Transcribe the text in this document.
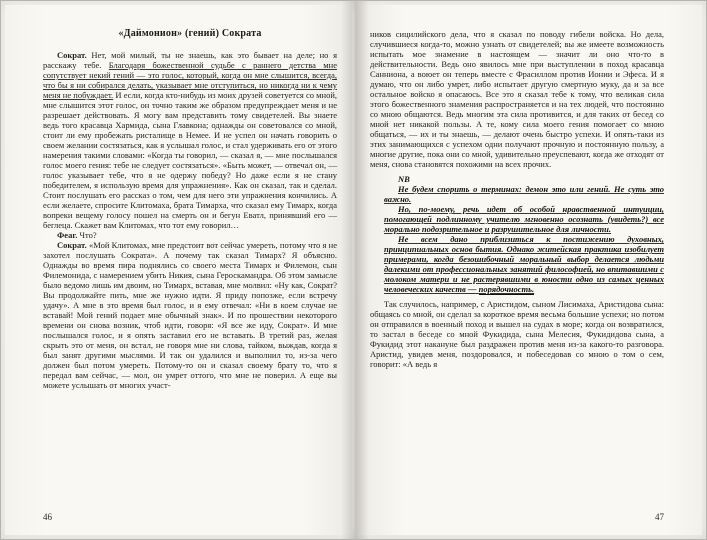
«Даймонион» (гений) Сократа

Сократ. Нет, мой милый, ты не знаешь, как это бывает на деле; но я расскажу тебе. Благодаря божественной судьбе с раннего детства мне сопутствует некий гений — это голос, который, когда он мне слышится, всегда, что бы я ни собирался делать, указывает мне отступиться, но никогда ни к чему меня не побуждает. И если, когда кто-нибудь из моих друзей советуется со мной, мне слышится этот голос, он точно таким же образом предупреждает меня и не разрешает действовать. Я могу вам представить тому свидетелей. Вы знаете ведь того красавца Хармида, сына Главкона; однажды он советовался со мной, стоит ли ему пробежать ристалище в Немее. И не успел он начать говорить о своем желании состязаться, как я услышал голос, и стал удерживать его от этого намерения такими словами: «Когда ты говорил, — сказал я, — мне послышался голос моего гения: тебе не следует состязаться». «Быть может, — отвечал он, — голос указывает тебе, что я не одержу победу? Но даже если я не стану победителем, я использую время для упражнения». Как он сказал, так и сделал. Стоит послушать его рассказ о том, чем для него эти упражнения кончились. А если желаете, спросите Клитомаха, брата Тимарха, что сказал ему Тимарх, когда вопреки вещему голосу пошел на смерть он и бегун Еватл, принявший его — беглеца. Скажет вам Клитомах, что тот ему говорил…

Феаг. Что?

Сократ. «Мой Клитомах, мне предстоит вот сейчас умереть, потому что я не захотел послушать Сократа». А почему так сказал Тимарх? Я объясню. Однажды во время пира поднялись со своего места Тимарх и Филемон, сын Филемонида, с намерением убить Никия, сына Героскамандра. Об этом замысле было ведомо лишь им двоим, но Тимарх, вставая, мне молвил: «Ну как, Сократ? Вы продолжайте пить, мне же нужно идти. Я приду попозже, если встречу удачу». А мне в это время был голос, и я ему отвечал: «Ни в коем случае не вставай! Мой гений подает мне обычный знак». И по прошествии некоторого времени он снова возник, чтоб идти, говоря: «Я все же иду, Сократ». И мне послышался голос, и я опять заставил его не вставать. В третий раз, желая скрыть это от меня, он встал, не говоря мне ни слова, тайком, выждав, когда я был занят другими мыслями. И так он удалился и выполнил то, из-за чего должен был потом умереть. Потому-то он и сказал своему брату то, что я передал вам сейчас, — мол, он умрет оттого, что мне не поверил. А еще вы можете услышать от многих участ-

46

ников сицилийского дела, что я сказал по поводу гибели войска. Но дела, случившиеся когда-то, можно узнать от свидетелей; вы же имеете возможность испытать мое знамение в настоящем — значит ли оно что-то в действительности. Ведь оно явилось мне при выступлении в поход красавца Санниона, а воюет он теперь вместе с Фрасиллом против Ионии и Эфеса. И я думаю, что он либо умрет, либо испытает другую смертную муку, да и за все остальное войско я опасаюсь. Все это я сказал тебе к тому, что великая сила этого божественного знамения распространяется и на тех людей, что постоянно со мною общаются. Ведь многим эта сила противится, и для таких от бесед со мной нет никакой пользы. А те, кому сила моего гения помогает со мною общаться, — их и ты знаешь, — делают очень быстро успехи. И опять-таки из этих занимающихся с успехом одни получают прочную и постоянную пользу, а многие другие, пока они со мной, удивительно преуспевают, когда же отходят от меня, снова становятся похожими на всех прочих.

NB

Не будем спорить о терминах: демон это или гений. Не суть это важно.

Но, по-моему, речь идет об особой нравственной интуиции, помогающей подлинному учителю мгновенно осознать (увидеть?) все морально подозрительное и разрушительное для личности.

Не всем дано приблизиться к постижению духовных, принципиальных основ бытия. Однако житейская практика изобилует примерами, когда безошибочный моральный выбор делается людьми далекими от профессиональных занятий философией, но впитавшими с молоком матери и не растерявшими в юности одно из самых ценных человеческих качеств — порядочность.

Так случилось, например, с Аристидом, сыном Лисимаха, Аристидова сына: общаясь со мной, он сделал за короткое время весьма большие успехи; но потом он отправился в военный поход и вышел на судах в море; когда он возвратился, то застал в беседе со мной Фукидида, сына Мелесия, Фукидидова сына, а Фукидид этот накануне был раздражен против меня из-за какого-то разговора. Аристид, увидев меня, поздоровался, и побеседовав со мною о том о сем, говорит: «А ведь я

47
